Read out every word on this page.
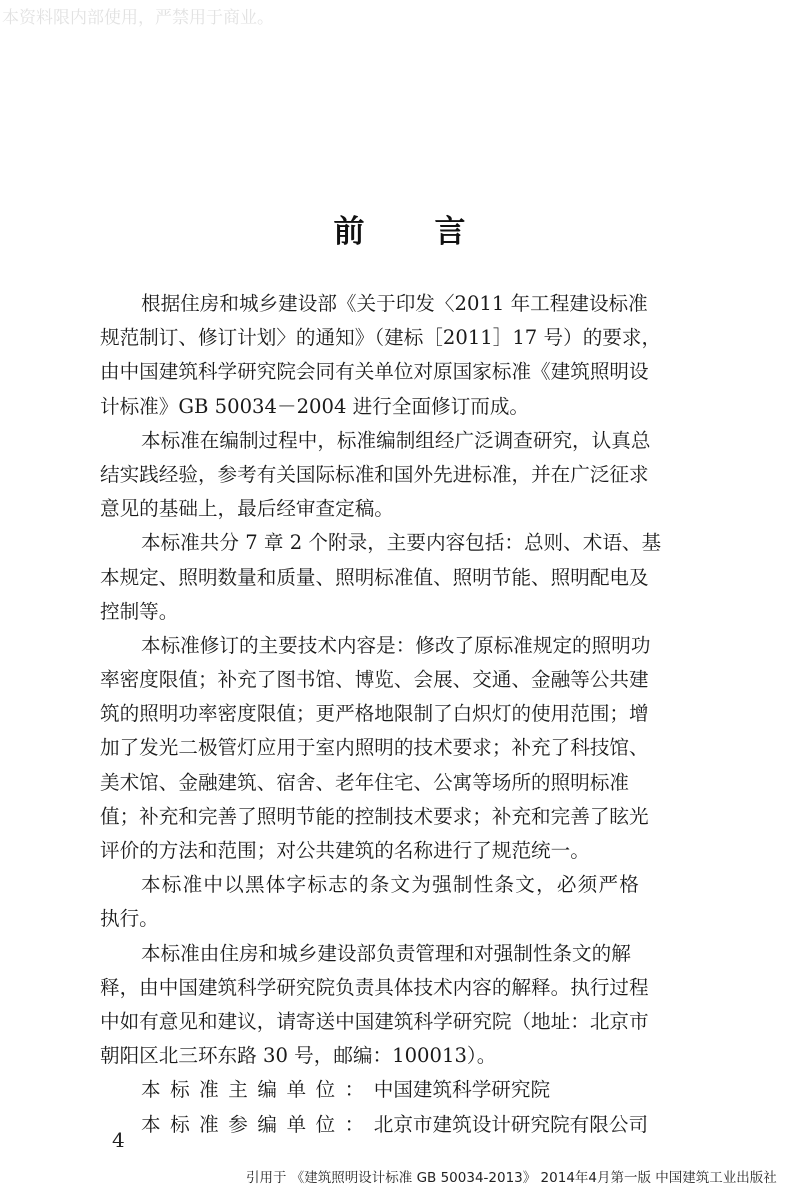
本资料限内部使用，严禁用于商业。
前 言
根据住房和城乡建设部《关于印发〈2011 年工程建设标准
规范制订、修订计划〉的通知》（建标［2011］17 号）的要求，
由中国建筑科学研究院会同有关单位对原国家标准《建筑照明设
计标准》GB 50034－2004 进行全面修订而成。
本标准在编制过程中，标准编制组经广泛调查研究，认真总
结实践经验，参考有关国际标准和国外先进标准，并在广泛征求
意见的基础上，最后经审查定稿。
本标准共分 7 章 2 个附录，主要内容包括：总则、术语、基
本规定、照明数量和质量、照明标准值、照明节能、照明配电及
控制等。
本标准修订的主要技术内容是：修改了原标准规定的照明功
率密度限值；补充了图书馆、博览、会展、交通、金融等公共建
筑的照明功率密度限值；更严格地限制了白炽灯的使用范围；增
加了发光二极管灯应用于室内照明的技术要求；补充了科技馆、
美术馆、金融建筑、宿舍、老年住宅、公寓等场所的照明标准
值；补充和完善了照明节能的控制技术要求；补充和完善了眩光
评价的方法和范围；对公共建筑的名称进行了规范统一。
本标准中以黑体字标志的条文为强制性条文，必须严格
执行。
本标准由住房和城乡建设部负责管理和对强制性条文的解
释，由中国建筑科学研究院负责具体技术内容的解释。执行过程
中如有意见和建议，请寄送中国建筑科学研究院（地址：北京市
朝阳区北三环东路 30 号，邮编：100013）。
本标准主编单位：中国建筑科学研究院
本标准参编单位：北京市建筑设计研究院有限公司
4
引用于 《建筑照明设计标准 GB 50034-2013》 2014年4月第一版 中国建筑工业出版社
